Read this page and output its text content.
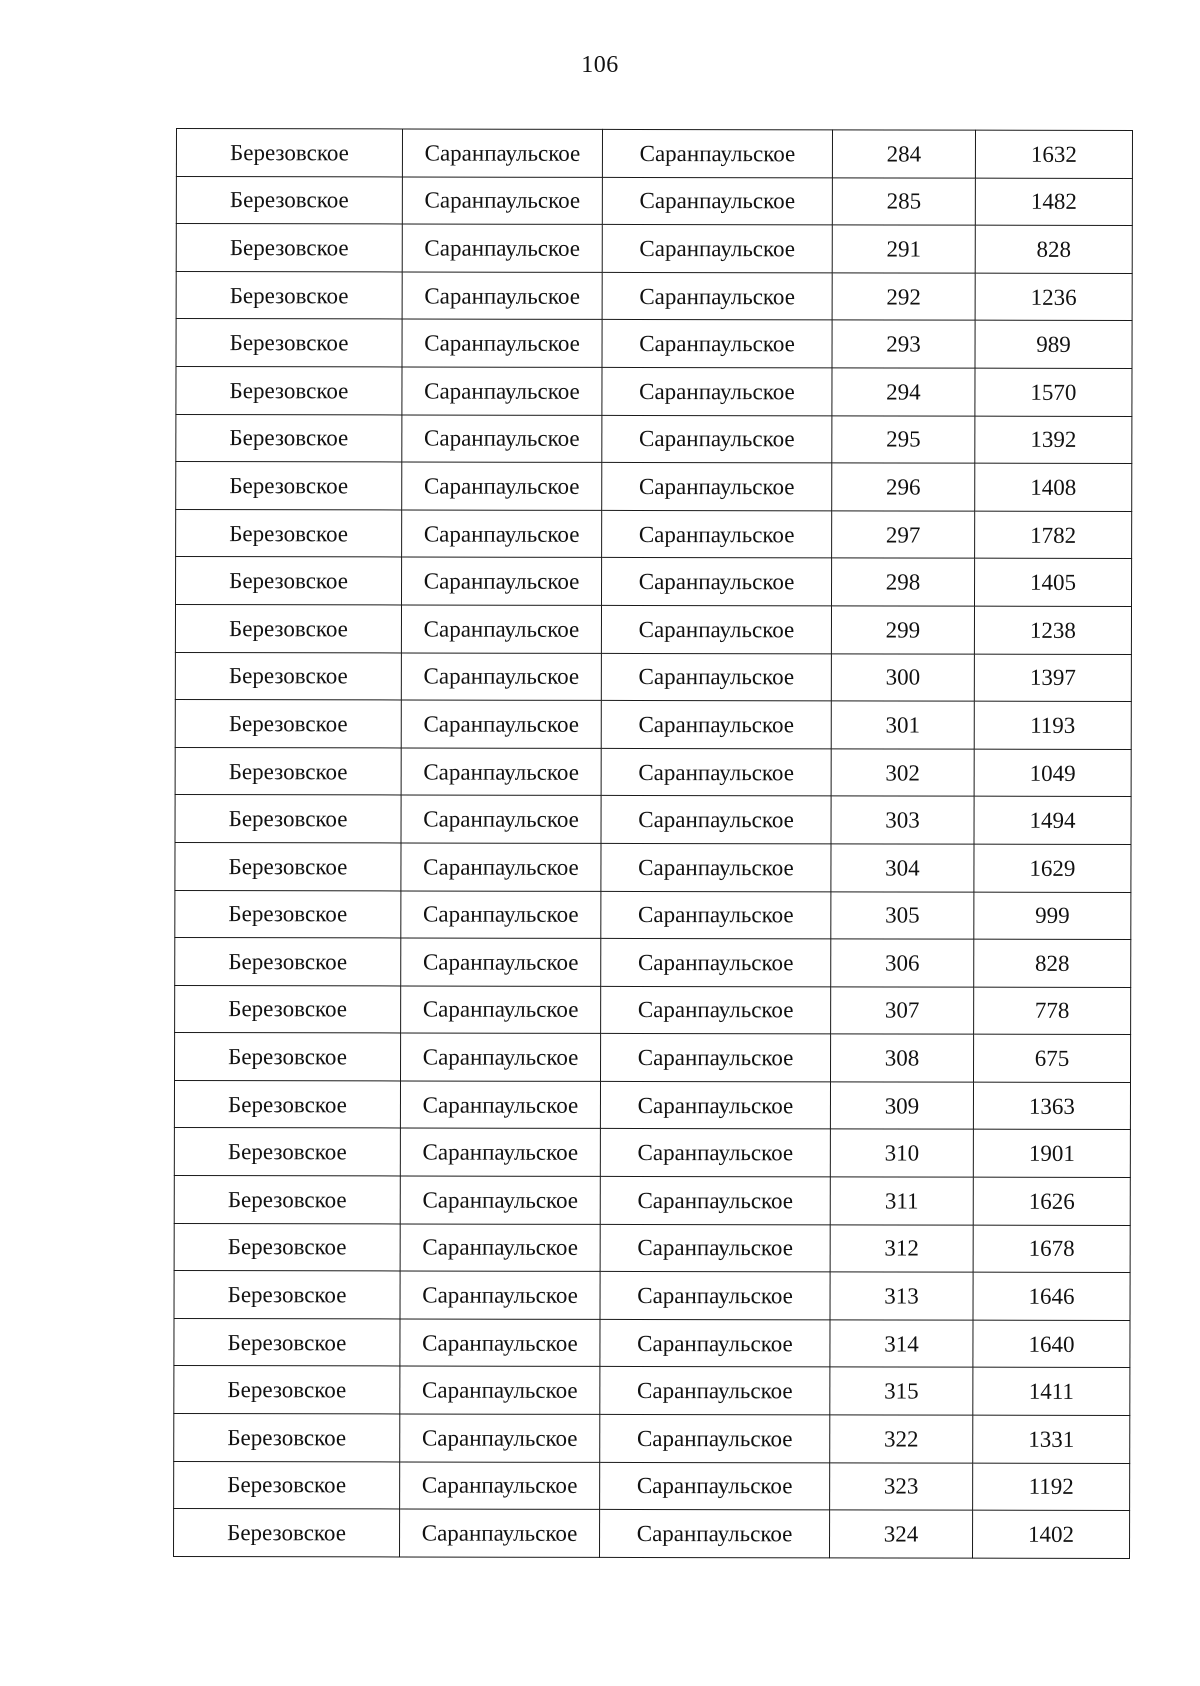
106
Березовское	Саранпаульское	Саранпаульское	284	1632
Березовское	Саранпаульское	Саранпаульское	285	1482
Березовское	Саранпаульское	Саранпаульское	291	828
Березовское	Саранпаульское	Саранпаульское	292	1236
Березовское	Саранпаульское	Саранпаульское	293	989
Березовское	Саранпаульское	Саранпаульское	294	1570
Березовское	Саранпаульское	Саранпаульское	295	1392
Березовское	Саранпаульское	Саранпаульское	296	1408
Березовское	Саранпаульское	Саранпаульское	297	1782
Березовское	Саранпаульское	Саранпаульское	298	1405
Березовское	Саранпаульское	Саранпаульское	299	1238
Березовское	Саранпаульское	Саранпаульское	300	1397
Березовское	Саранпаульское	Саранпаульское	301	1193
Березовское	Саранпаульское	Саранпаульское	302	1049
Березовское	Саранпаульское	Саранпаульское	303	1494
Березовское	Саранпаульское	Саранпаульское	304	1629
Березовское	Саранпаульское	Саранпаульское	305	999
Березовское	Саранпаульское	Саранпаульское	306	828
Березовское	Саранпаульское	Саранпаульское	307	778
Березовское	Саранпаульское	Саранпаульское	308	675
Березовское	Саранпаульское	Саранпаульское	309	1363
Березовское	Саранпаульское	Саранпаульское	310	1901
Березовское	Саранпаульское	Саранпаульское	311	1626
Березовское	Саранпаульское	Саранпаульское	312	1678
Березовское	Саранпаульское	Саранпаульское	313	1646
Березовское	Саранпаульское	Саранпаульское	314	1640
Березовское	Саранпаульское	Саранпаульское	315	1411
Березовское	Саранпаульское	Саранпаульское	322	1331
Березовское	Саранпаульское	Саранпаульское	323	1192
Березовское	Саранпаульское	Саранпаульское	324	1402
